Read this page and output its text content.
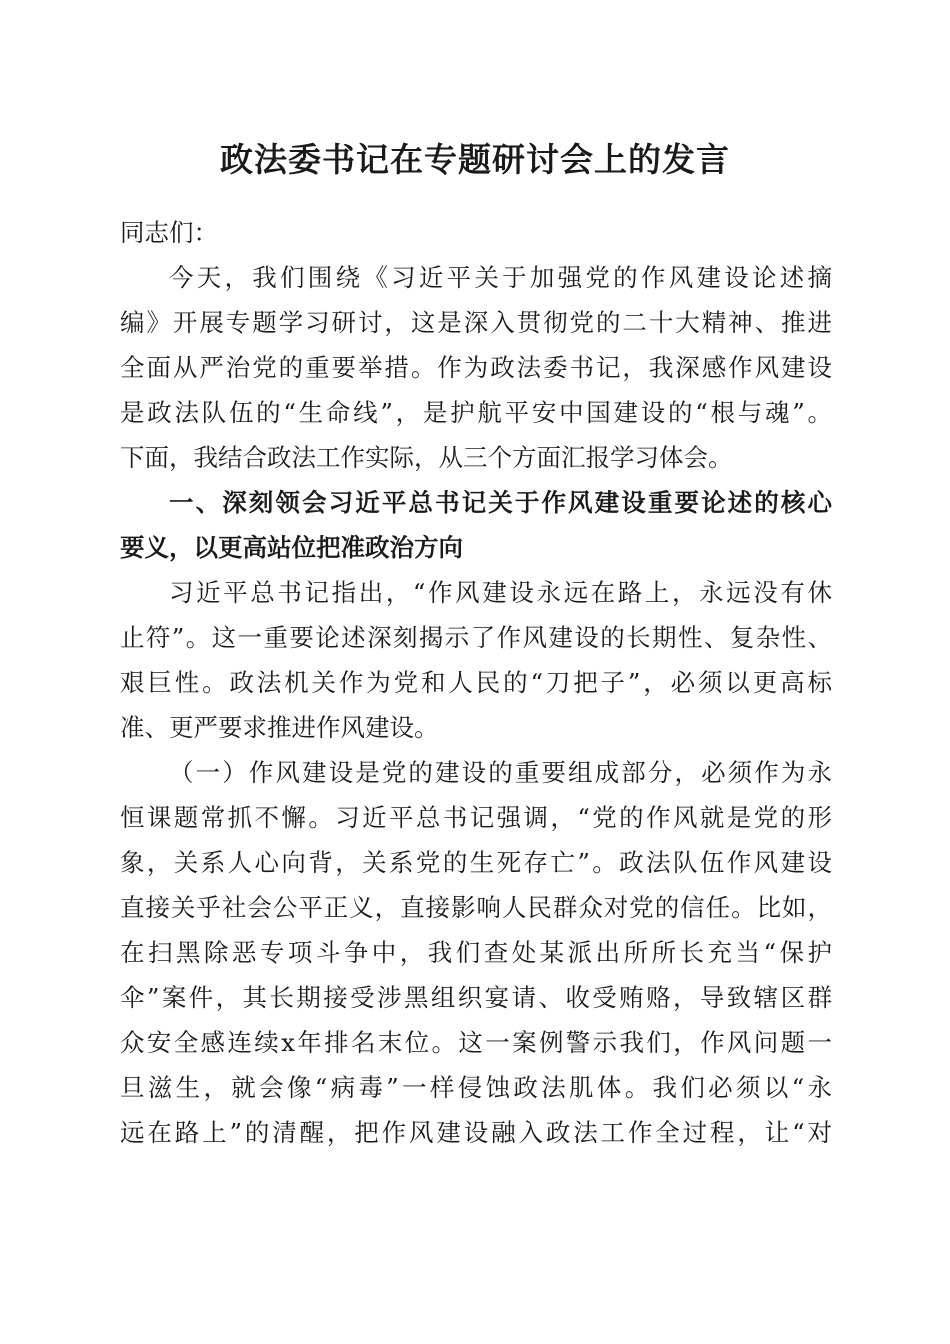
政法委书记在专题研讨会上的发言
同志们：
今天，我们围绕《习近平关于加强党的作风建设论述摘
编》开展专题学习研讨，这是深入贯彻党的二十大精神、推进
全面从严治党的重要举措。作为政法委书记，我深感作风建设
是政法队伍的“生命线”，是护航平安中国建设的“根与魂”。
下面，我结合政法工作实际，从三个方面汇报学习体会。
一、深刻领会习近平总书记关于作风建设重要论述的核心
要义，以更高站位把准政治方向
习近平总书记指出，“作风建设永远在路上，永远没有休
止符”。这一重要论述深刻揭示了作风建设的长期性、复杂性、
艰巨性。政法机关作为党和人民的“刀把子”，必须以更高标
准、更严要求推进作风建设。
（一）作风建设是党的建设的重要组成部分，必须作为永
恒课题常抓不懈。习近平总书记强调，“党的作风就是党的形
象，关系人心向背，关系党的生死存亡”。政法队伍作风建设
直接关乎社会公平正义，直接影响人民群众对党的信任。比如，
在扫黑除恶专项斗争中，我们查处某派出所所长充当“保护
伞”案件，其长期接受涉黑组织宴请、收受贿赂，导致辖区群
众安全感连续x年排名末位。这一案例警示我们，作风问题一
旦滋生，就会像“病毒”一样侵蚀政法肌体。我们必须以“永
远在路上”的清醒，把作风建设融入政法工作全过程，让“对
